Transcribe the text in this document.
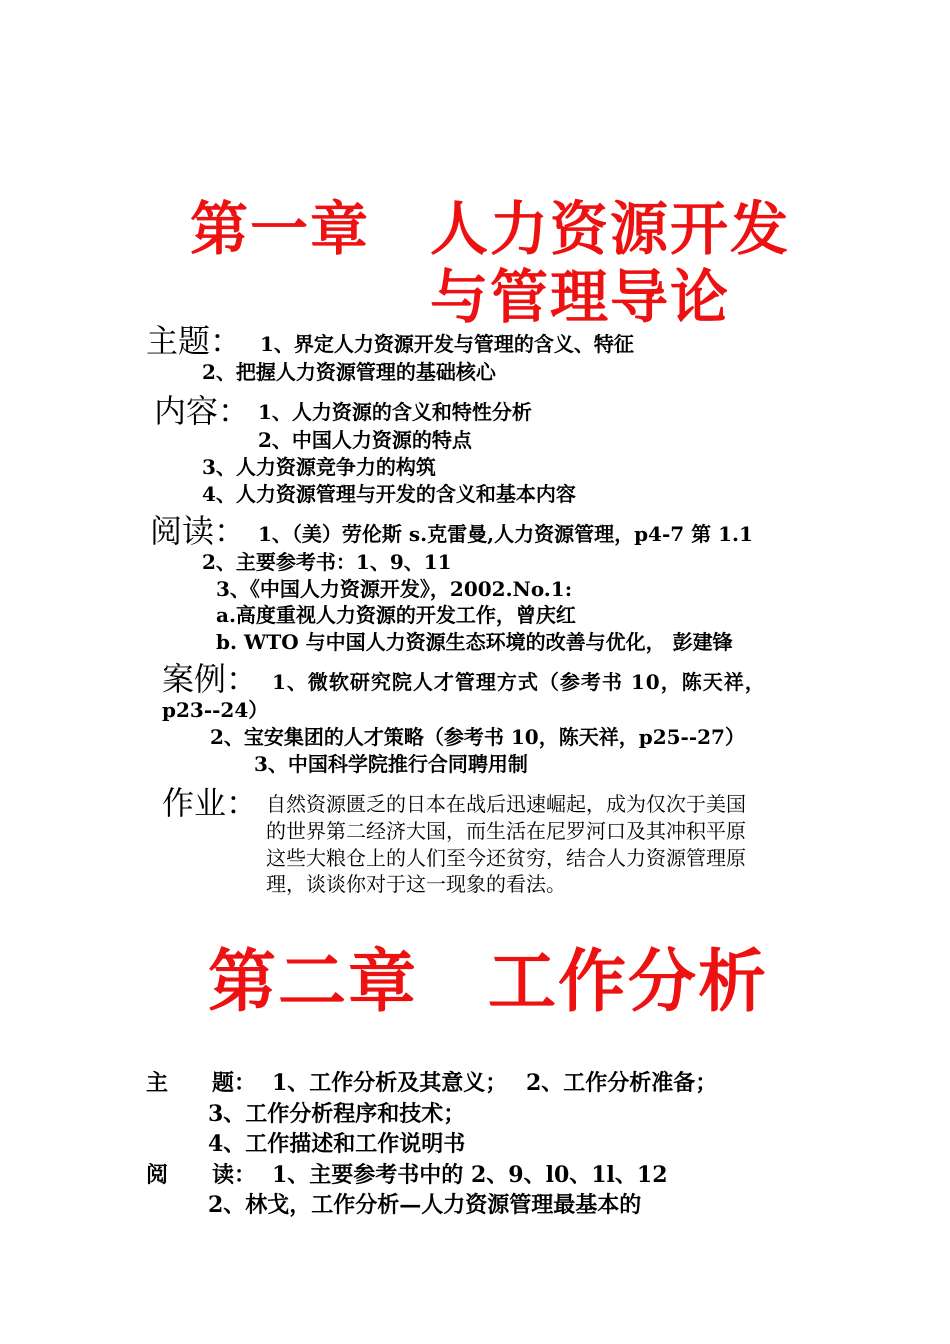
第一章　人力资源开发
与管理导论
主题： 1、界定人力资源开发与管理的含义、特征
2、把握人力资源管理的基础核心
内容： 1、人力资源的含义和特性分析
2、中国人力资源的特点
3、人力资源竞争力的构筑
4、人力资源管理与开发的含义和基本内容
阅读： 1、（美）劳伦斯 s.克雷曼,人力资源管理，p4-7 第 1.1
2、主要参考书：1、9、11
3、《中国人力资源开发》，2002.No.1:
a.高度重视人力资源的开发工作，曾庆红
b. WTO 与中国人力资源生态环境的改善与优化， 彭建锋
案例： 1、微软研究院人才管理方式（参考书 10，陈天祥，
p23--24）
2、宝安集团的人才策略（参考书 10，陈天祥，p25--27）
3、中国科学院推行合同聘用制
作业： 自然资源匮乏的日本在战后迅速崛起，成为仅次于美国
的世界第二经济大国，而生活在尼罗河口及其冲积平原
这些大粮仓上的人们至今还贫穷，结合人力资源管理原
理，谈谈你对于这一现象的看法。
第二章　工作分析
主　　题： 1、工作分析及其意义；　 2、工作分析准备；
3、工作分析程序和技术；
4、工作描述和工作说明书
阅　　读： 1、主要参考书中的 2、9、l0、1l、12
2、林戈，工作分析—人力资源管理最基本的
